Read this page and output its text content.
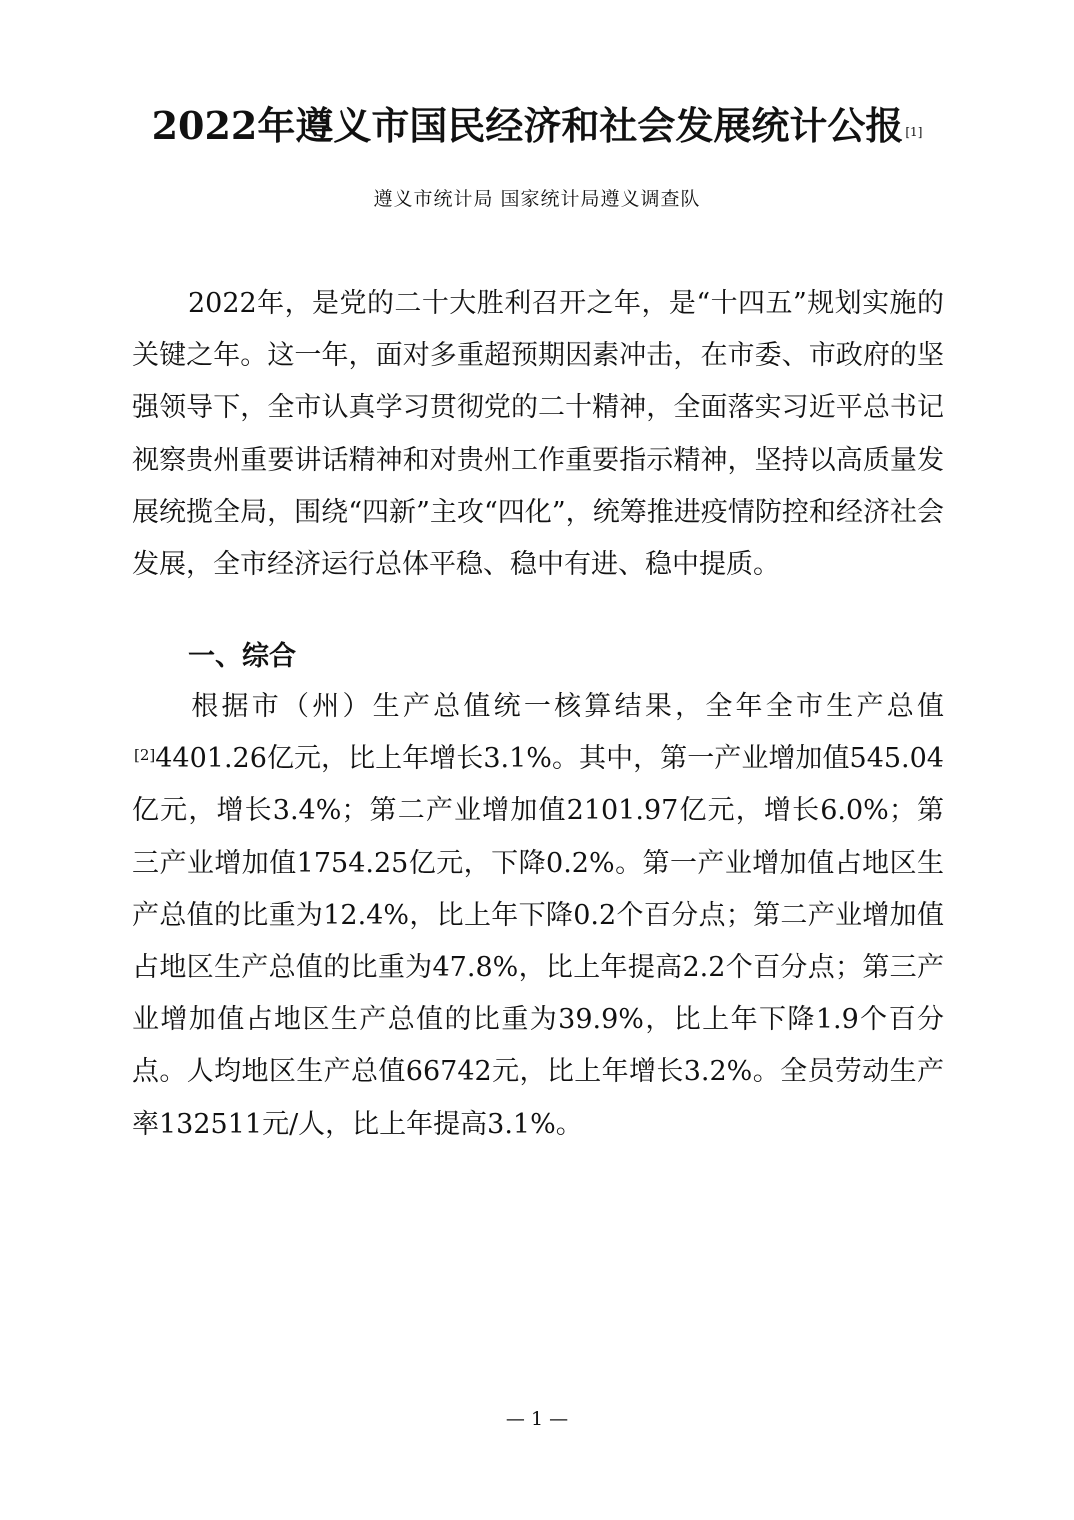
2022年遵义市国民经济和社会发展统计公报 [1]
遵义市统计局 国家统计局遵义调查队
2022年，是党的二十大胜利召开之年，是“十四五”规划实施的关键之年。这一年，面对多重超预期因素冲击，在市委、市政府的坚强领导下，全市认真学习贯彻党的二十精神，全面落实习近平总书记视察贵州重要讲话精神和对贵州工作重要指示精神，坚持以高质量发展统揽全局，围绕“四新”主攻“四化”，统筹推进疫情防控和经济社会发展，全市经济运行总体平稳、稳中有进、稳中提质。
一、综合
根据市（州）生产总值统一核算结果，全年全市生产总值[2]4401.26亿元，比上年增长3.1%。其中，第一产业增加值545.04亿元，增长3.4%；第二产业增加值2101.97亿元，增长6.0%；第三产业增加值1754.25亿元，下降0.2%。第一产业增加值占地区生产总值的比重为12.4%，比上年下降0.2个百分点；第二产业增加值占地区生产总值的比重为47.8%，比上年提高2.2个百分点；第三产业增加值占地区生产总值的比重为39.9%，比上年下降1.9个百分点。人均地区生产总值66742元，比上年增长3.2%。全员劳动生产率132511元/人，比上年提高3.1%。
— 1 —
